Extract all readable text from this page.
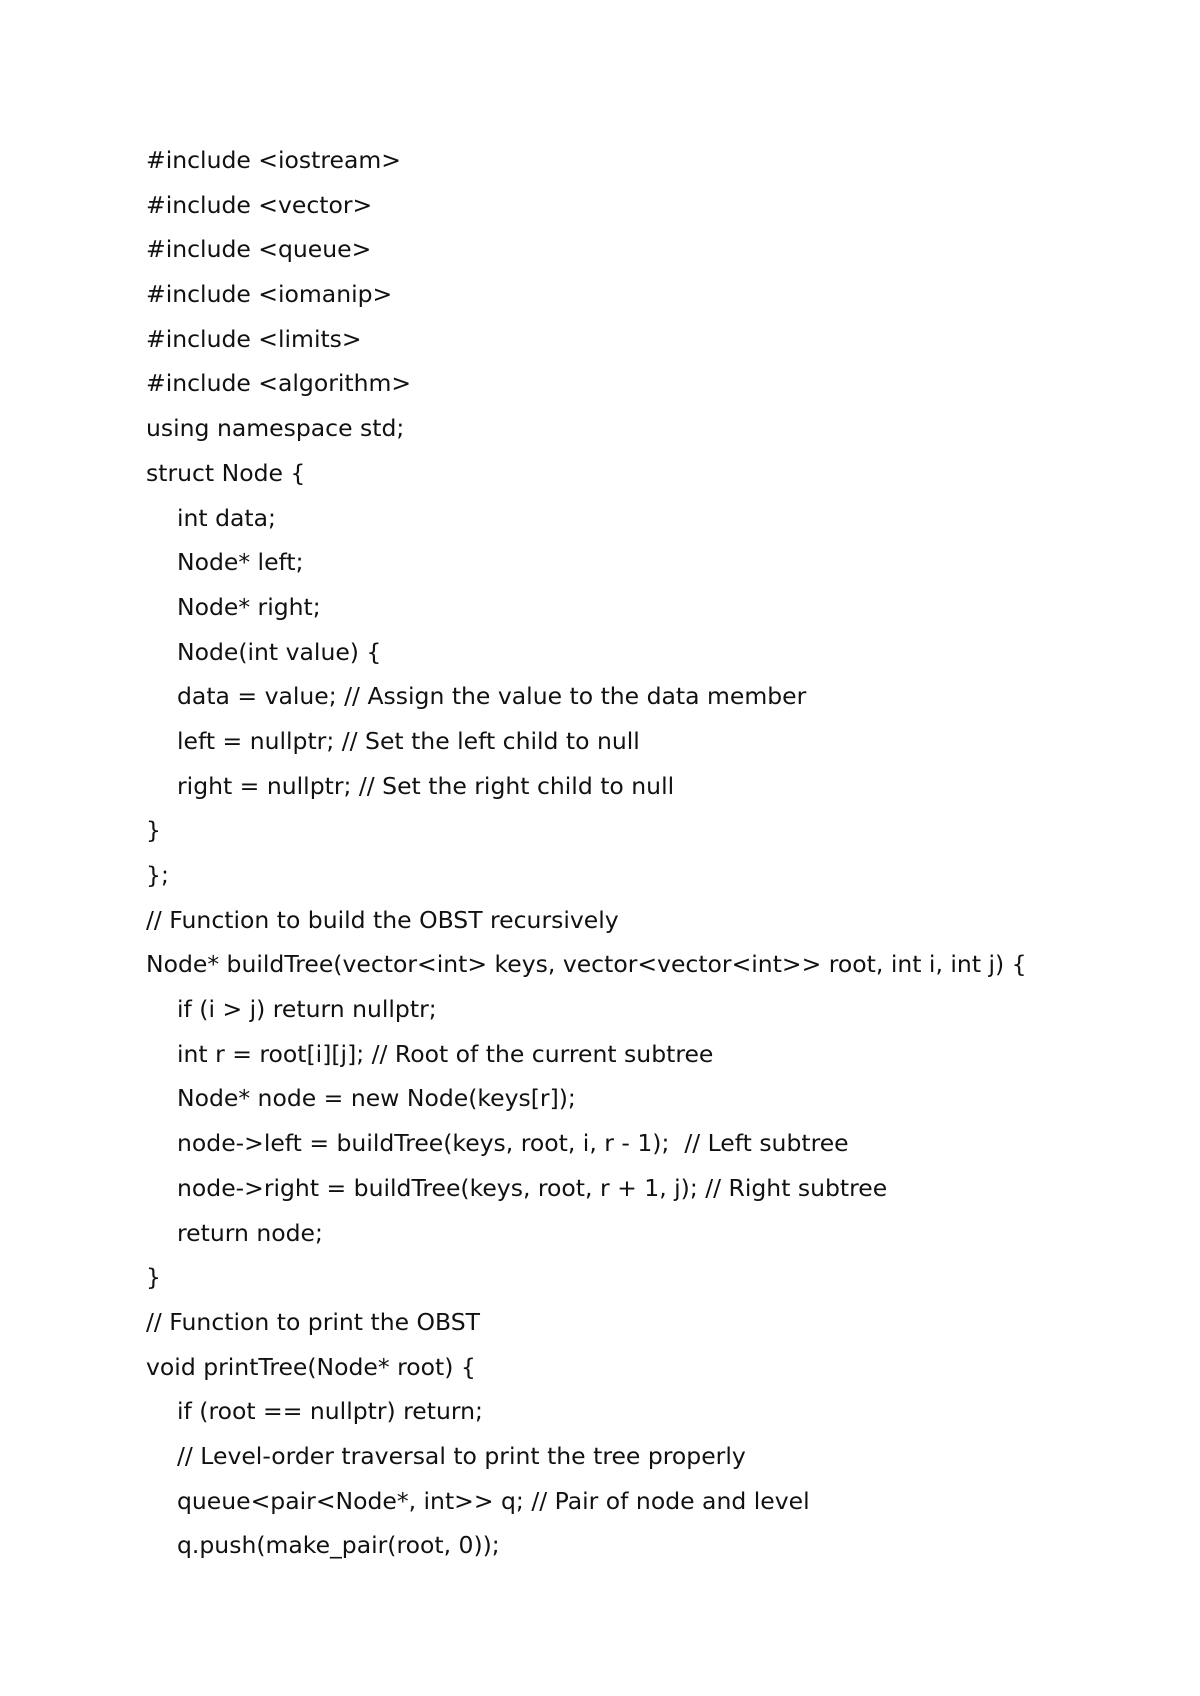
#include <iostream>
#include <vector>
#include <queue>
#include <iomanip>
#include <limits>
#include <algorithm>
using namespace std;
struct Node {
int data;
Node* left;
Node* right;
Node(int value) {
data = value; // Assign the value to the data member
left = nullptr; // Set the left child to null
right = nullptr; // Set the right child to null
}
};
// Function to build the OBST recursively
Node* buildTree(vector<int> keys, vector<vector<int>> root, int i, int j) {
if (i > j) return nullptr;
int r = root[i][j]; // Root of the current subtree
Node* node = new Node(keys[r]);
node->left = buildTree(keys, root, i, r - 1);  // Left subtree
node->right = buildTree(keys, root, r + 1, j); // Right subtree
return node;
}
// Function to print the OBST
void printTree(Node* root) {
if (root == nullptr) return;
// Level-order traversal to print the tree properly
queue<pair<Node*, int>> q; // Pair of node and level
q.push(make_pair(root, 0));
